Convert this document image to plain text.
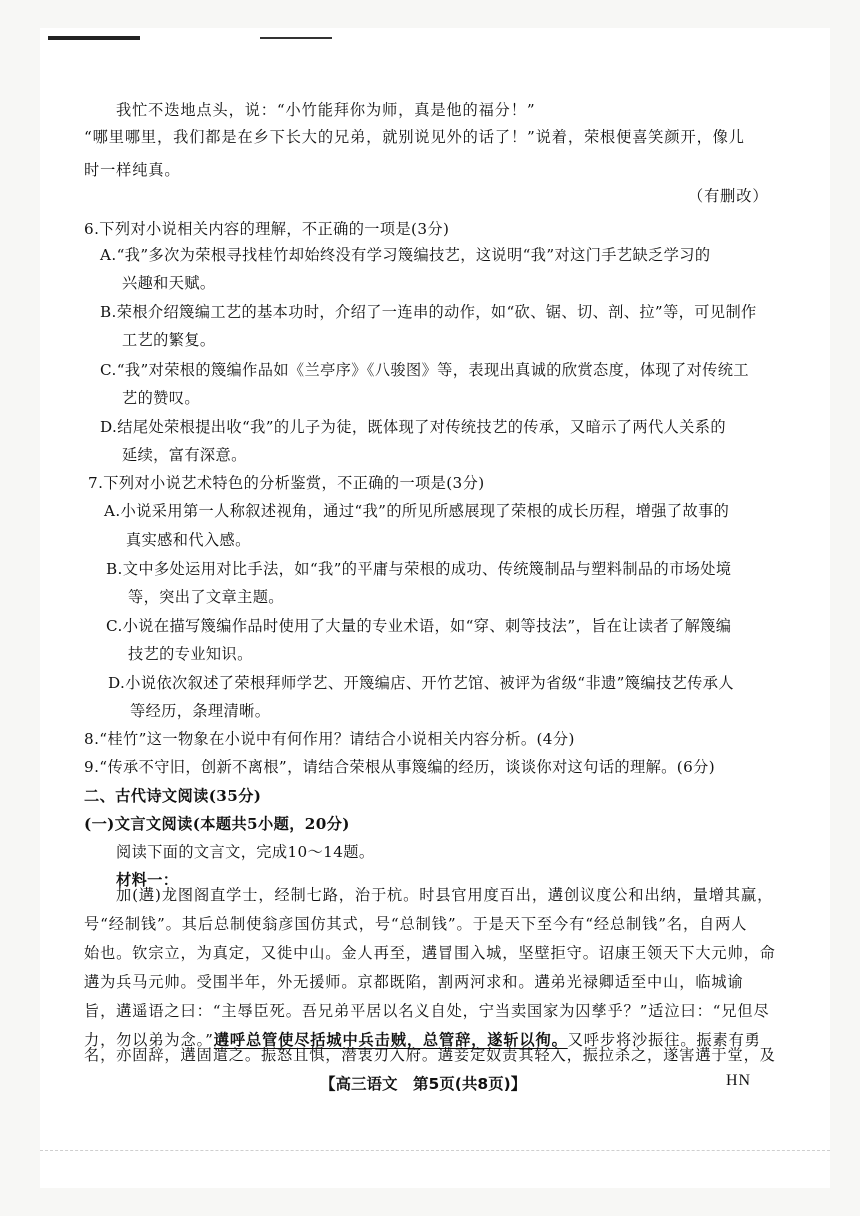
我忙不迭地点头，说：“小竹能拜你为师，真是他的福分！”
“哪里哪里，我们都是在乡下长大的兄弟，就别说见外的话了！”说着，荣根便喜笑颜开，像儿
时一样纯真。
（有删改）
6.下列对小说相关内容的理解，不正确的一项是(3分)
A.“我”多次为荣根寻找桂竹却始终没有学习篾编技艺，这说明“我”对这门手艺缺乏学习的
兴趣和天赋。
B.荣根介绍篾编工艺的基本功时，介绍了一连串的动作，如“砍、锯、切、剖、拉”等，可见制作
工艺的繁复。
C.“我”对荣根的篾编作品如《兰亭序》《八骏图》等，表现出真诚的欣赏态度，体现了对传统工
艺的赞叹。
D.结尾处荣根提出收“我”的儿子为徒，既体现了对传统技艺的传承，又暗示了两代人关系的
延续，富有深意。
7.下列对小说艺术特色的分析鉴赏，不正确的一项是(3分)
A.小说采用第一人称叙述视角，通过“我”的所见所感展现了荣根的成长历程，增强了故事的
真实感和代入感。
B.文中多处运用对比手法，如“我”的平庸与荣根的成功、传统篾制品与塑料制品的市场处境
等，突出了文章主题。
C.小说在描写篾编作品时使用了大量的专业术语，如“穿、刺等技法”，旨在让读者了解篾编
技艺的专业知识。
D.小说依次叙述了荣根拜师学艺、开篾编店、开竹艺馆、被评为省级“非遗”篾编技艺传承人
等经历，条理清晰。
8.“桂竹”这一物象在小说中有何作用？请结合小说相关内容分析。(4分)
9.“传承不守旧，创新不离根”，请结合荣根从事篾编的经历，谈谈你对这句话的理解。(6分)
二、古代诗文阅读(35分)
(一)文言文阅读(本题共5小题，20分)
阅读下面的文言文，完成10～14题。
材料一：
加(遘)龙图阁直学士，经制七路，治于杭。时县官用度百出，遘创议度公和出纳，量增其赢，
号“经制钱”。其后总制使翁彦国仿其式，号“总制钱”。于是天下至今有“经总制钱”名，自两人
始也。钦宗立，为真定，又徙中山。金人再至，遘冒围入城，坚壁拒守。诏康王领天下大元帅，命
遘为兵马元帅。受围半年，外无援师。京都既陷，割两河求和。遘弟光禄卿适至中山，临城谕
旨，遘遥语之曰：“主辱臣死。吾兄弟平居以名义自处，宁当卖国家为囚孳乎？”适泣曰：“兄但尽
力，勿以弟为念。”遘呼总管使尽括城中兵击贼，总管辞，遂斩以徇。又呼步将沙振往。振素有勇
【高三语文　第5页(共8页)】	HN
名，亦固辞，遘固遣之。振怒且惧，潜衷刃入府。遘妾定奴责其轻入，振拉杀之，遂害遘于堂，及
